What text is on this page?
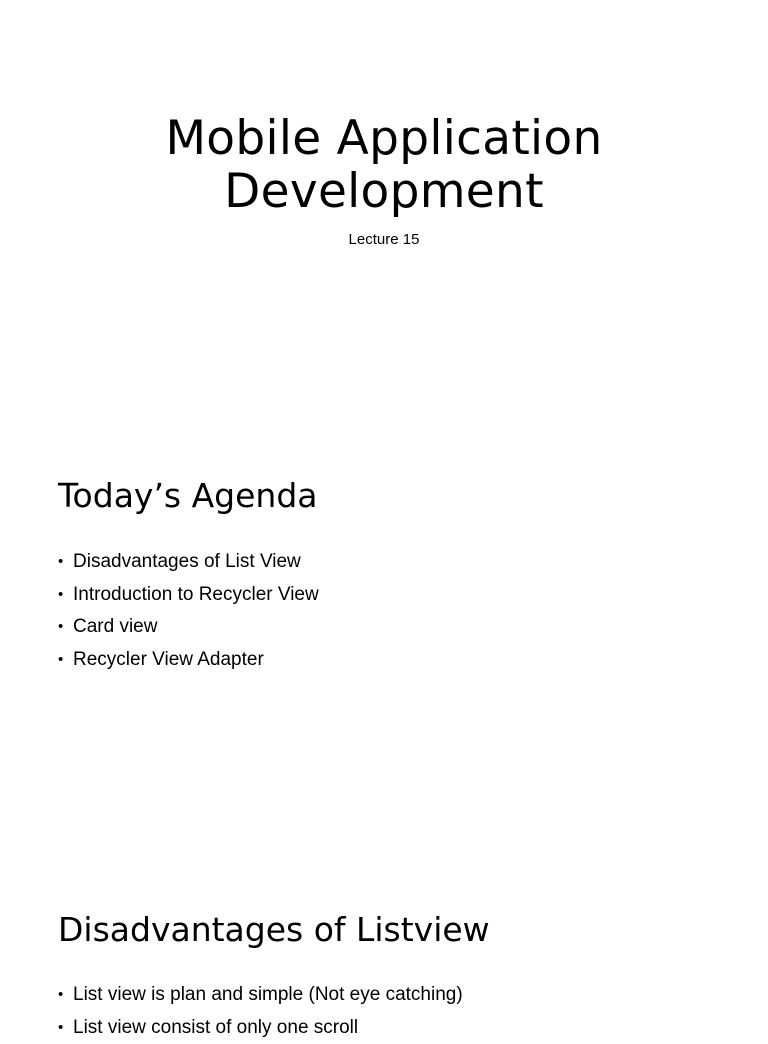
Mobile Application
Development
Lecture 15
Today’s Agenda
• Disadvantages of List View
• Introduction to Recycler View
• Card view
• Recycler View Adapter
Disadvantages of Listview
• List view is plan and simple (Not eye catching)
• List view consist of only one scroll
